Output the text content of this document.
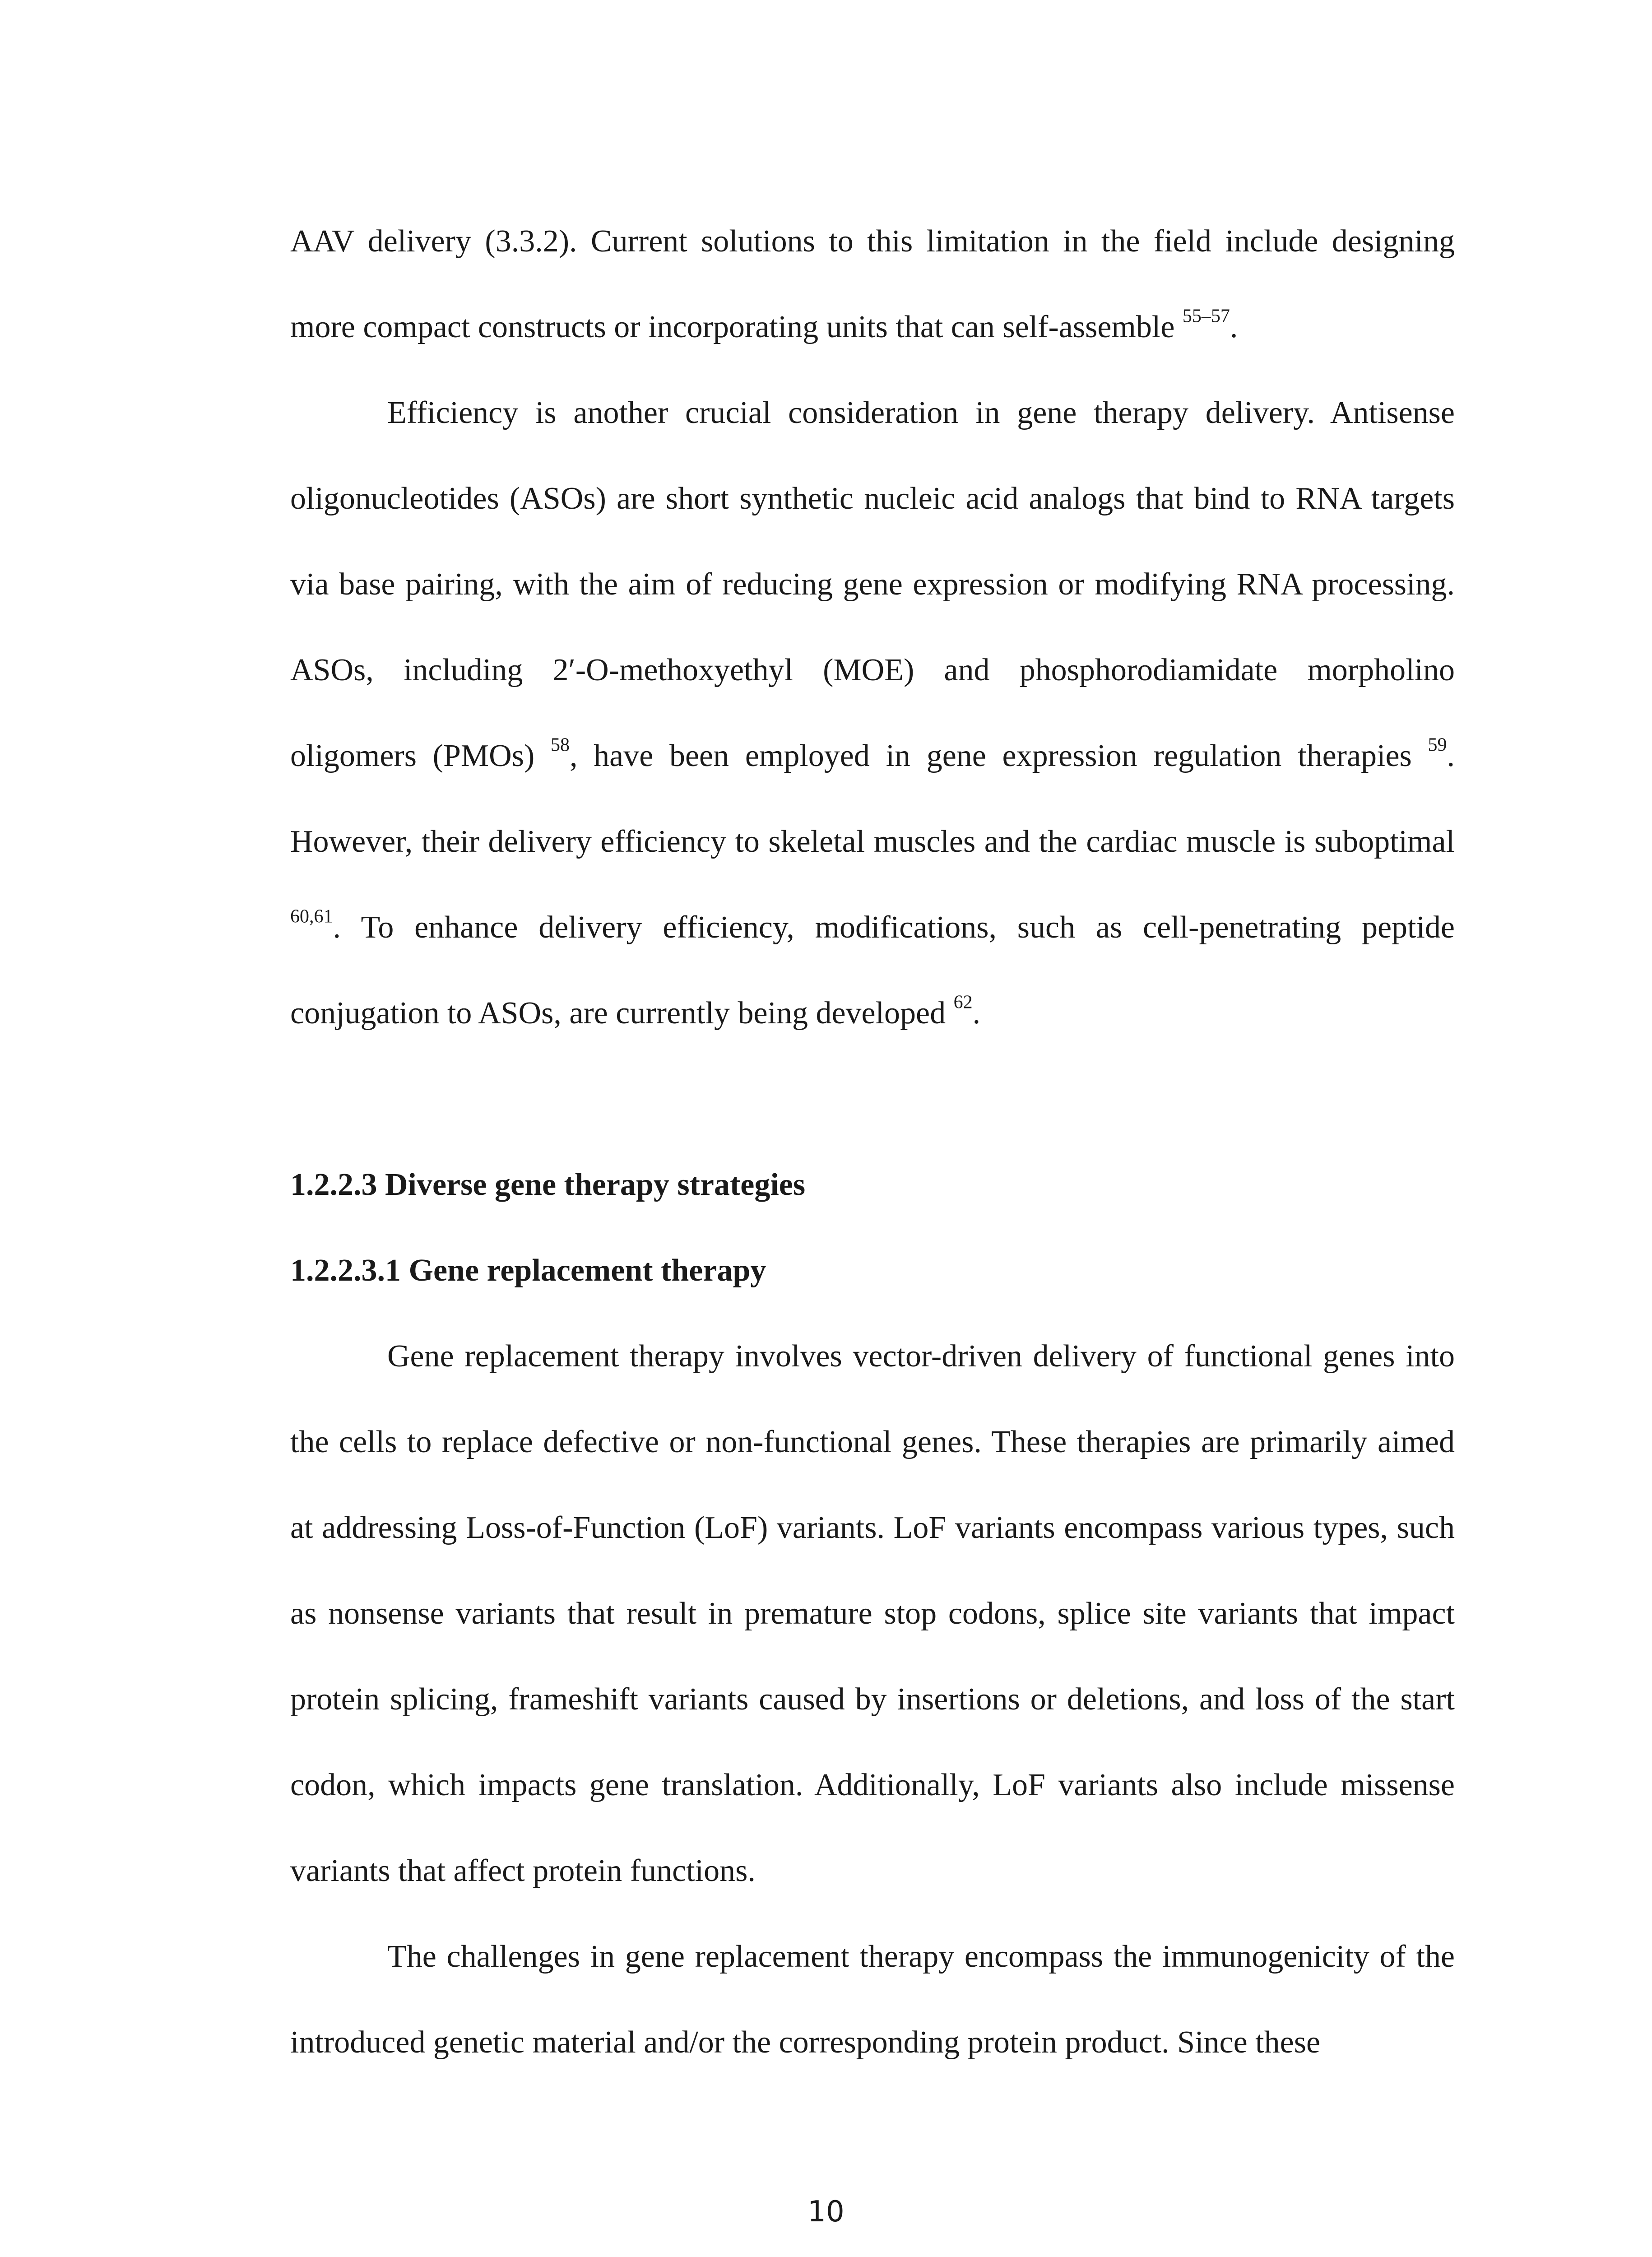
AAV delivery (3.3.2). Current solutions to this limitation in the field include designing more compact constructs or incorporating units that can self-assemble $^{55-57}$.

Efficiency is another crucial consideration in gene therapy delivery. Antisense oligonucleotides (ASOs) are short synthetic nucleic acid analogs that bind to RNA targets via base pairing, with the aim of reducing gene expression or modifying RNA processing. ASOs, including 2′-O-methoxyethyl (MOE) and phosphorodiamidate morpholino oligomers (PMOs) $^{58}$, have been employed in gene expression regulation therapies $^{59}$. However, their delivery efficiency to skeletal muscles and the cardiac muscle is suboptimal $^{60,61}$. To enhance delivery efficiency, modifications, such as cell-penetrating peptide conjugation to ASOs, are currently being developed $^{62}$.

1.2.2.3 Diverse gene therapy strategies
1.2.2.3.1 Gene replacement therapy

Gene replacement therapy involves vector-driven delivery of functional genes into the cells to replace defective or non-functional genes. These therapies are primarily aimed at addressing Loss-of-Function (LoF) variants. LoF variants encompass various types, such as nonsense variants that result in premature stop codons, splice site variants that impact protein splicing, frameshift variants caused by insertions or deletions, and loss of the start codon, which impacts gene translation. Additionally, LoF variants also include missense variants that affect protein functions.

The challenges in gene replacement therapy encompass the immunogenicity of the introduced genetic material and/or the corresponding protein product. Since these

10
